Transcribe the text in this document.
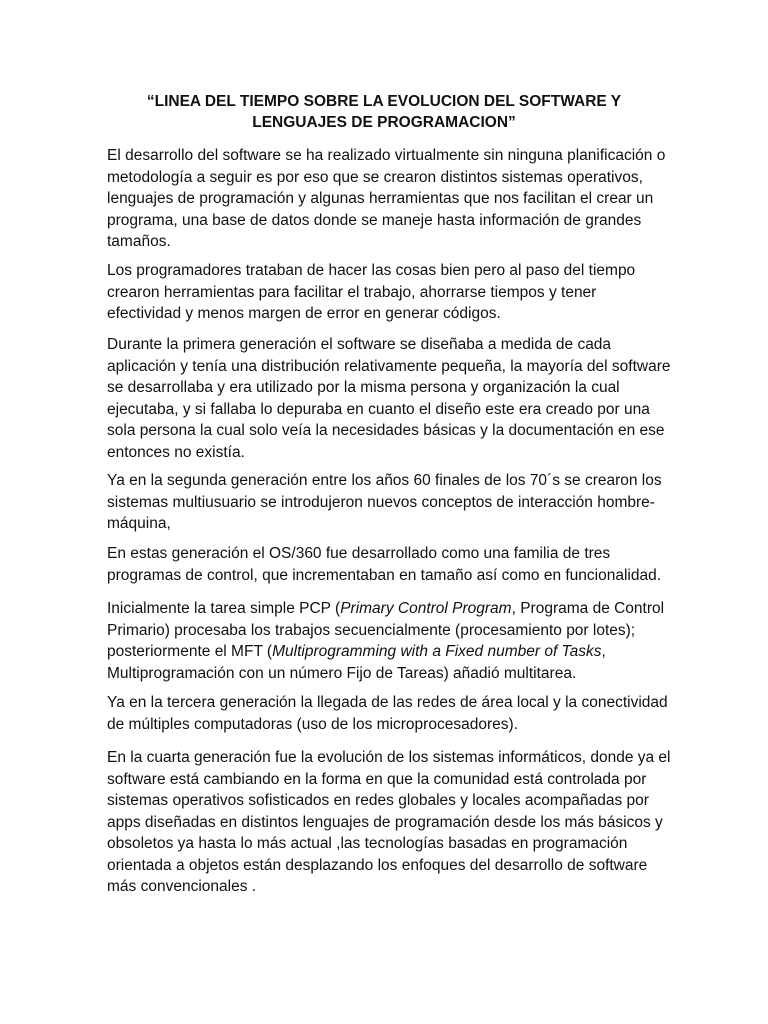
“LINEA DEL TIEMPO SOBRE LA EVOLUCION DEL SOFTWARE Y
LENGUAJES DE PROGRAMACION”
El desarrollo del software se ha realizado virtualmente sin ninguna planificación o
metodología a seguir es por eso que se crearon distintos sistemas operativos,
lenguajes de programación y algunas herramientas que nos facilitan el crear un
programa, una base de datos donde se maneje hasta información de grandes
tamaños.
Los programadores trataban de hacer las cosas bien pero al paso del tiempo
crearon herramientas para facilitar el trabajo, ahorrarse tiempos y tener
efectividad y menos margen de error en generar códigos.
Durante la primera generación el software se diseñaba a medida de cada
aplicación y tenía una distribución relativamente pequeña, la mayoría del software
se desarrollaba y era utilizado por la misma persona y organización la cual
ejecutaba, y si fallaba lo depuraba en cuanto el diseño este era creado por una
sola persona la cual solo veía la necesidades básicas y la documentación en ese
entonces no existía.
Ya en la segunda generación entre los años 60 finales de los 70´s se crearon los
sistemas multiusuario se introdujeron nuevos conceptos de interacción hombre-
máquina,
En estas generación el OS/360 fue desarrollado como una familia de tres
programas de control, que incrementaban en tamaño así como en funcionalidad.
Inicialmente la tarea simple PCP (Primary Control Program, Programa de Control
Primario) procesaba los trabajos secuencialmente (procesamiento por lotes);
posteriormente el MFT (Multiprogramming with a Fixed number of Tasks,
Multiprogramación con un número Fijo de Tareas) añadió multitarea.
Ya en la tercera generación la llegada de las redes de área local y la conectividad
de múltiples computadoras (uso de los microprocesadores).
En la cuarta generación fue la evolución de los sistemas informáticos, donde ya el
software está cambiando en la forma en que la comunidad está controlada por
sistemas operativos sofisticados en redes globales y locales acompañadas por
apps diseñadas en distintos lenguajes de programación desde los más básicos y
obsoletos ya hasta lo más actual ,las tecnologías basadas en programación
orientada a objetos están desplazando los enfoques del desarrollo de software
más convencionales .
